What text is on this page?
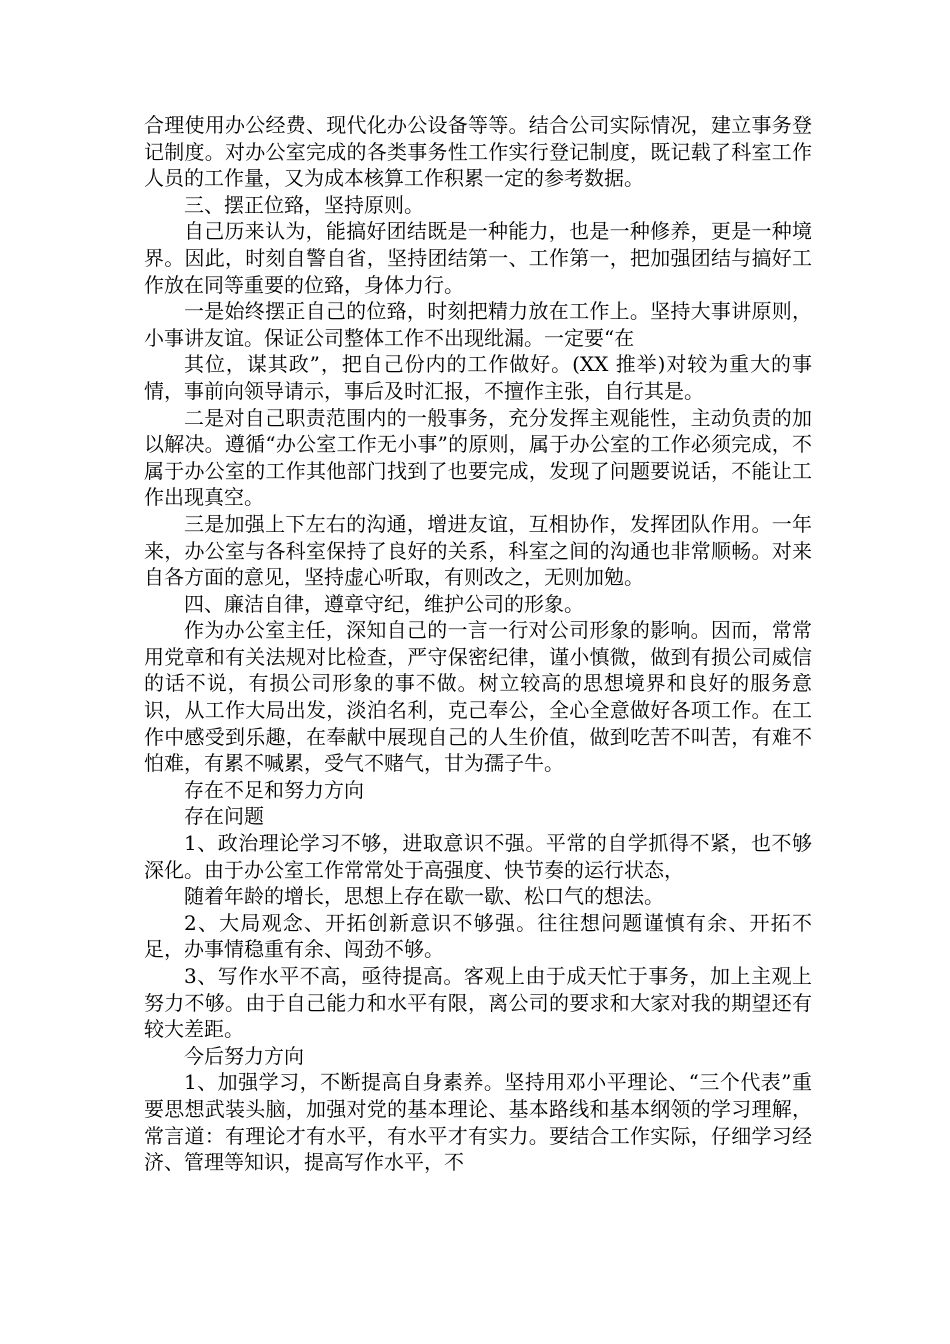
合理使用办公经费、现代化办公设备等等。结合公司实际情况，建立事务登记制度。对办公室完成的各类事务性工作实行登记制度，既记载了科室工作人员的工作量，又为成本核算工作积累一定的参考数据。

三、摆正位臵，坚持原则。

自己历来认为，能搞好团结既是一种能力，也是一种修养，更是一种境界。因此，时刻自警自省，坚持团结第一、工作第一，把加强团结与搞好工作放在同等重要的位臵，身体力行。

一是始终摆正自己的位臵，时刻把精力放在工作上。坚持大事讲原则，小事讲友谊。保证公司整体工作不出现纰漏。一定要“在

其位，谋其政”，把自己份内的工作做好。(XX 推举)对较为重大的事情，事前向领导请示，事后及时汇报，不擅作主张，自行其是。

二是对自己职责范围内的一般事务，充分发挥主观能性，主动负责的加以解决。遵循“办公室工作无小事”的原则，属于办公室的工作必须完成，不属于办公室的工作其他部门找到了也要完成，发现了问题要说话，不能让工作出现真空。

三是加强上下左右的沟通，增进友谊，互相协作，发挥团队作用。一年来，办公室与各科室保持了良好的关系，科室之间的沟通也非常顺畅。对来自各方面的意见，坚持虚心听取，有则改之，无则加勉。

四、廉洁自律，遵章守纪，维护公司的形象。

作为办公室主任，深知自己的一言一行对公司形象的影响。因而，常常用党章和有关法规对比检查，严守保密纪律，谨小慎微，做到有损公司威信的话不说，有损公司形象的事不做。树立较高的思想境界和良好的服务意识，从工作大局出发，淡泊名利，克己奉公，全心全意做好各项工作。在工作中感受到乐趣，在奉献中展现自己的人生价值，做到吃苦不叫苦，有难不怕难，有累不喊累，受气不赌气，甘为孺子牛。

存在不足和努力方向

存在问题

1、政治理论学习不够，进取意识不强。平常的自学抓得不紧，也不够深化。由于办公室工作常常处于高强度、快节奏的运行状态，

随着年龄的增长，思想上存在歇一歇、松口气的想法。

2、大局观念、开拓创新意识不够强。往往想问题谨慎有余、开拓不足，办事情稳重有余、闯劲不够。

3、写作水平不高，亟待提高。客观上由于成天忙于事务，加上主观上努力不够。由于自己能力和水平有限，离公司的要求和大家对我的期望还有较大差距。

今后努力方向

1、加强学习，不断提高自身素养。坚持用邓小平理论、“三个代表”重要思想武装头脑，加强对党的基本理论、基本路线和基本纲领的学习理解，常言道：有理论才有水平，有水平才有实力。要结合工作实际，仔细学习经济、管理等知识，提高写作水平，不
